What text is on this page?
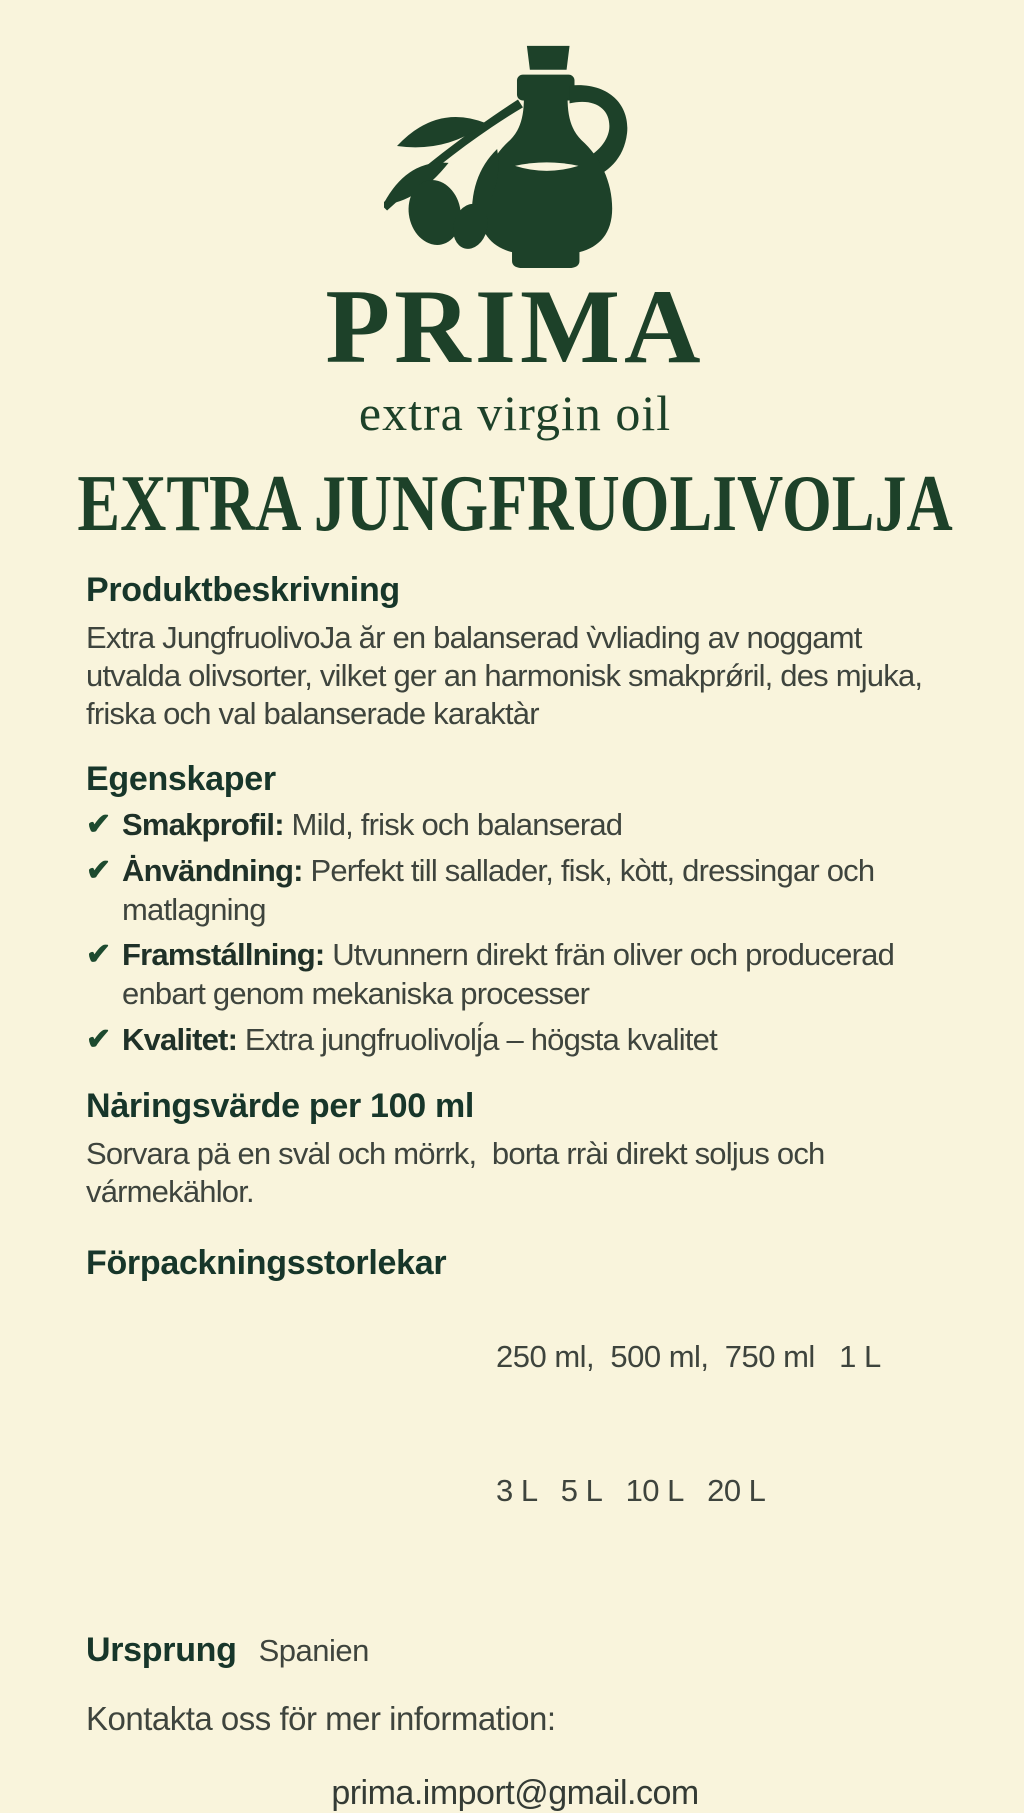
PRIMA
extra virgin oil
EXTRA JUNGFRUOLIVOLJA
Produktbeskrivning
Extra JungfruolivoJa ăr en balanserad v̀vliading av noggamt utvalda olivsorter, vilket ger an harmonisk smakprǿril, des mjuka, friska och val balanserade karaktàr
Egenskaper
✔ Smakprofil: Mild, frisk och balanserad
✔ Ȧnvändning: Perfekt till sallader, fisk, kòtt, dressingar och matlagning
✔ Framstállning: Utvunnern direkt frän oliver och producerad enbart genom mekaniska processer
✔ Kvalitet: Extra jungfruolivolj́a – högsta kvalitet
Nȧringsvärde per 100 ml
Sorvara pä en svȧl och mörrk,  borta rrài direkt soljus och vármekählor.
Förpackningsstorlekar

250 ml,  500 ml,  750 ml   1 L

3 L   5 L   10 L   20 L

Ursprung Spanien
Kontakta oss för mer information:
prima.import@gmail.com
